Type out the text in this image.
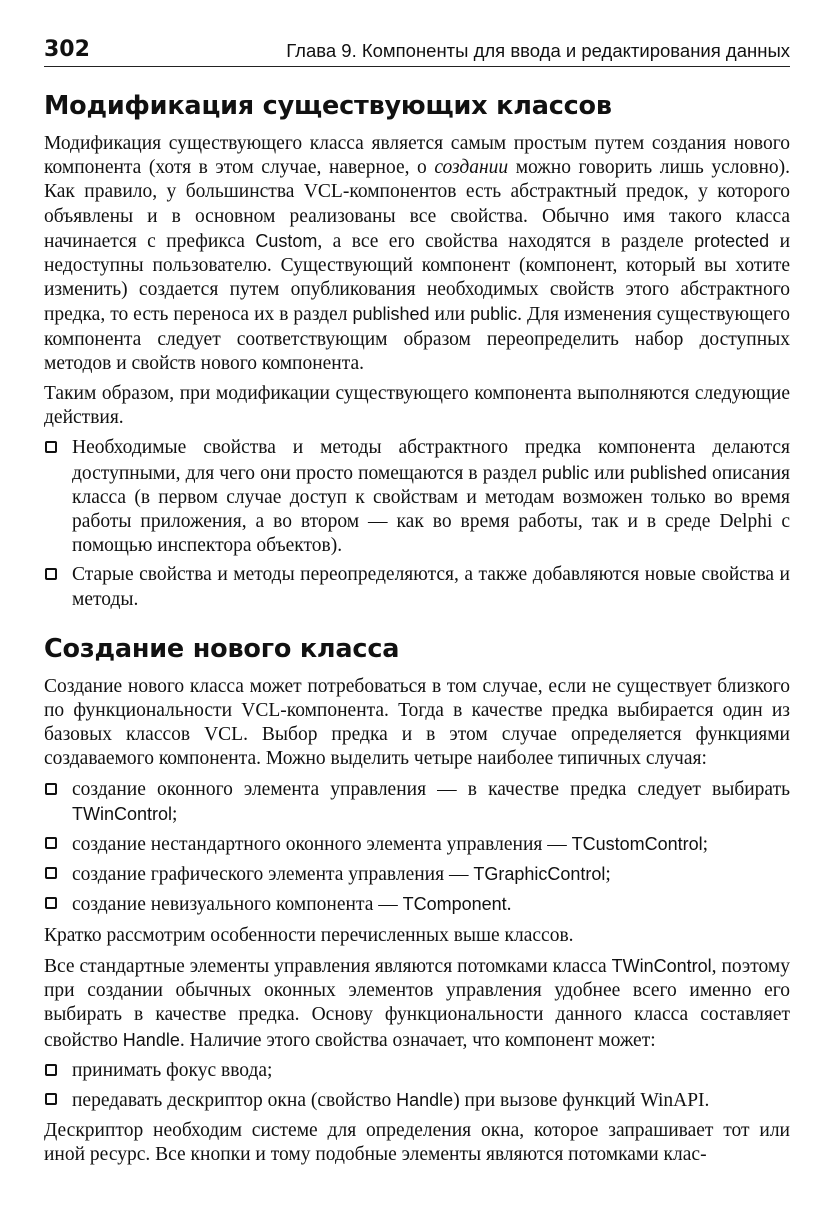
302	Глава 9. Компоненты для ввода и редактирования данных
Модификация существующих классов

Модификация существующего класса является самым простым путем создания нового компонента (хотя в этом случае, наверное, о создании можно говорить лишь условно). Как правило, у большинства VCL-компонентов есть абстрактный предок, у которого объявлены и в основном реализованы все свойства. Обычно имя такого класса начинается с префикса Custom, а все его свойства находятся в разделе protected и недоступны пользователю. Существующий компонент (компонент, который вы хотите изменить) создается путем опубликования необходимых свойств этого абстрактного предка, то есть переноса их в раздел published или public. Для изменения существующего компонента следует соответствующим образом переопределить набор доступных методов и свойств нового компонента.

Таким образом, при модификации существующего компонента выполняются следующие действия.

Необходимые свойства и методы абстрактного предка компонента делаются доступными, для чего они просто помещаются в раздел public или published описания класса (в первом случае доступ к свойствам и методам возможен только во время работы приложения, а во втором — как во время работы, так и в среде Delphi с помощью инспектора объектов).
Старые свойства и методы переопределяются, а также добавляются новые свойства и методы.
Создание нового класса

Создание нового класса может потребоваться в том случае, если не существует близкого по функциональности VCL-компонента. Тогда в качестве предка выбирается один из базовых классов VCL. Выбор предка и в этом случае определяется функциями создаваемого компонента. Можно выделить четыре наиболее типичных случая:

создание оконного элемента управления — в качестве предка следует выбирать TWinControl;
создание нестандартного оконного элемента управления — TCustomControl;
создание графического элемента управления — TGraphicControl;
создание невизуального компонента — TComponent.

Кратко рассмотрим особенности перечисленных выше классов.

Все стандартные элементы управления являются потомками класса TWinControl, поэтому при создании обычных оконных элементов управления удобнее всего именно его выбирать в качестве предка. Основу функциональности данного класса составляет свойство Handle. Наличие этого свойства означает, что компонент может:

принимать фокус ввода;
передавать дескриптор окна (свойство Handle) при вызове функций WinAPI.

Дескриптор необходим системе для определения окна, которое запрашивает тот или иной ресурс. Все кнопки и тому подобные элементы являются потомками клас-
